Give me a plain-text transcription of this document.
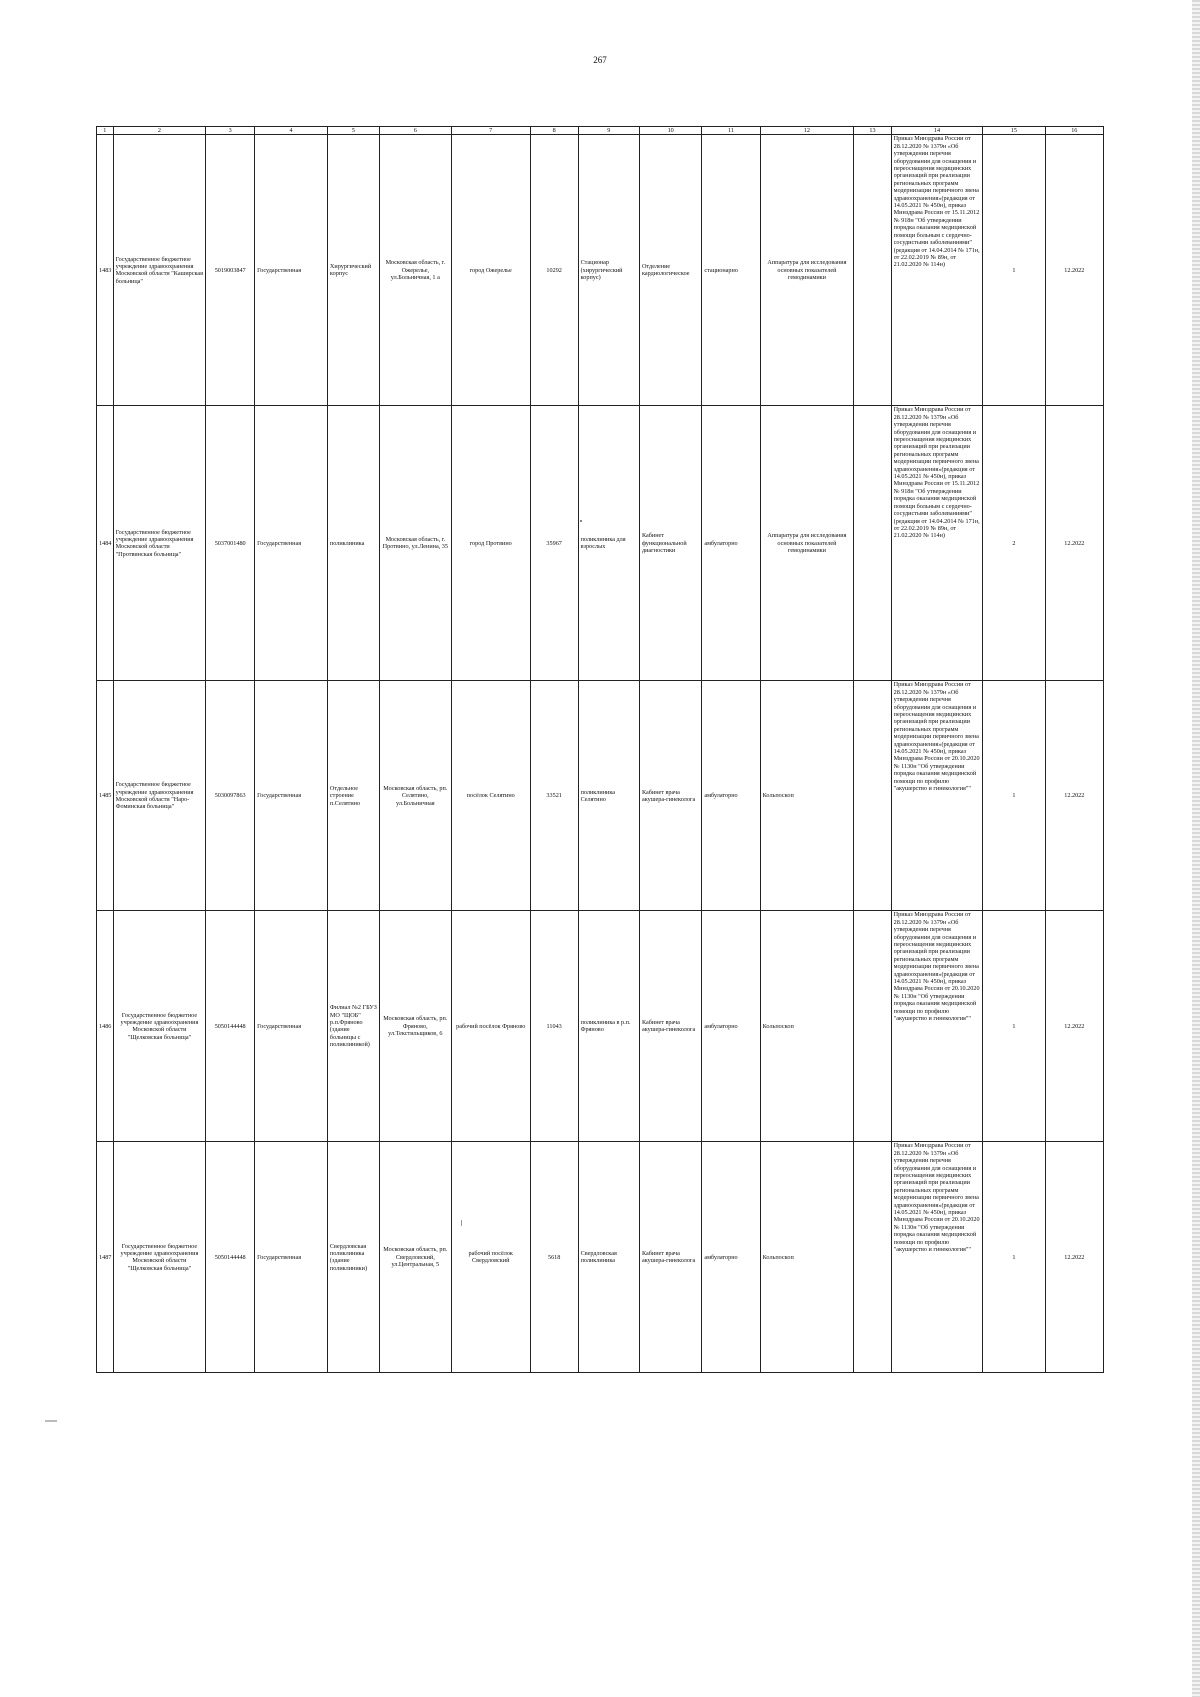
267
1	2	3	4	5	6	7	8	9	10	11	12	13	14	15	16
1483	Государственное бюджетное учреждение здравоохранения Московской области "Каширская больница"	5019003847	Государственная	Хирургический корпус	Московская область, г. Ожерелье, ул.Больничная, 1 а	город Ожерелье	10292	Стационар (хирургический корпус)	Отделение кардиологическое	стационарно	Аппаратура для исследования основных показателей гемодинамики		Приказ Минздрава России от 28.12.2020 № 1379н «Об утверждении перечня оборудования для оснащения и переоснащения медицинских организаций при реализации региональных программ модернизации первичного звена здравоохранения»(редакция от 14.05.2021 № 450н), приказ Минздрава России от 15.11.2012 № 918н "Об утверждении порядка оказания медицинской помощи больным с сердечно-сосудистыми заболеваниями" (редакция от 14.04.2014 № 171н, от 22.02.2019 № 89н, от 21.02.2020 № 114н)	1	12.2022
1484	Государственное бюджетное учреждение здравоохранения Московской области "Протвинская больница"	5037001480	Государственная	поликлиника	Московская область, г. Протвино, ул.Ленина, 35	город Протвино	35967	поликлиника для взрослых	Кабинет функциональной диагностики	амбулаторно	Аппаратура для исследования основных показателей гемодинамики		Приказ Минздрава России от 28.12.2020 № 1379н «Об утверждении перечня оборудования для оснащения и переоснащения медицинских организаций при реализации региональных программ модернизации первичного звена здравоохранения»(редакция от 14.05.2021 № 450н), приказ Минздрава России от 15.11.2012 № 918н "Об утверждении порядка оказания медицинской помощи больным с сердечно-сосудистыми заболеваниями" (редакция от 14.04.2014 № 171н, от 22.02.2019 № 89н, от 21.02.2020 № 114н)	2	12.2022
1485	Государственное бюджетное учреждение здравоохранения Московской области "Наро-Фоминская больница"	5030097863	Государственная	Отдельное строение п.Селятино	Московская область, рп. Селятино, ул.Больничная	посёлок Селятино	33521	поликлиника Селятино	Кабинет врача акушера-гинеколога	амбулаторно	Кольпоскоп		Приказ Минздрава России от 28.12.2020 № 1379н «Об утверждении перечня оборудования для оснащения и переоснащения медицинских организаций при реализации региональных программ модернизации первичного звена здравоохранения»(редакция от 14.05.2021 № 450н), приказ Минздрава России от 20.10.2020 № 1130н "Об утверждении порядка оказания медицинской помощи по профилю "акушерство и гинекология""	1	12.2022
1486	Государственное бюджетное учреждение здравоохранения Московской области "Щелковская больница"	5050144448	Государственная	Филиал №2 ГБУЗ МО "ЩОБ" р.п.Фряново (здание больницы с поликлиникой)	Московская область, рп. Фряново, ул.Текстильщиков, 6	рабочий посёлок Фряново	11043	поликлиника в р.п. Фряново	Кабинет врача акушера-гинеколога	амбулаторно	Кольпоскоп		Приказ Минздрава России от 28.12.2020 № 1379н «Об утверждении перечня оборудования для оснащения и переоснащения медицинских организаций при реализации региональных программ модернизации первичного звена здравоохранения»(редакция от 14.05.2021 № 450н), приказ Минздрава России от 20.10.2020 № 1130н "Об утверждении порядка оказания медицинской помощи по профилю "акушерство и гинекология""	1	12.2022
1487	Государственное бюджетное учреждение здравоохранения Московской области "Щелковская больница"	5050144448	Государственная	Свердловская поликлиника (здание поликлиники)	Московская область, рп. Свердловский, ул.Центральная, 5	рабочий посёлок Свердловский	5618	Свердловская поликлиника	Кабинет врача акушера-гинеколога	амбулаторно	Кольпоскоп		Приказ Минздрава России от 28.12.2020 № 1379н «Об утверждении перечня оборудования для оснащения и переоснащения медицинских организаций при реализации региональных программ модернизации первичного звена здравоохранения»(редакция от 14.05.2021 № 450н), приказ Минздрава России от 20.10.2020 № 1130н "Об утверждении порядка оказания медицинской помощи по профилю "акушерство и гинекология""	1	12.2022
